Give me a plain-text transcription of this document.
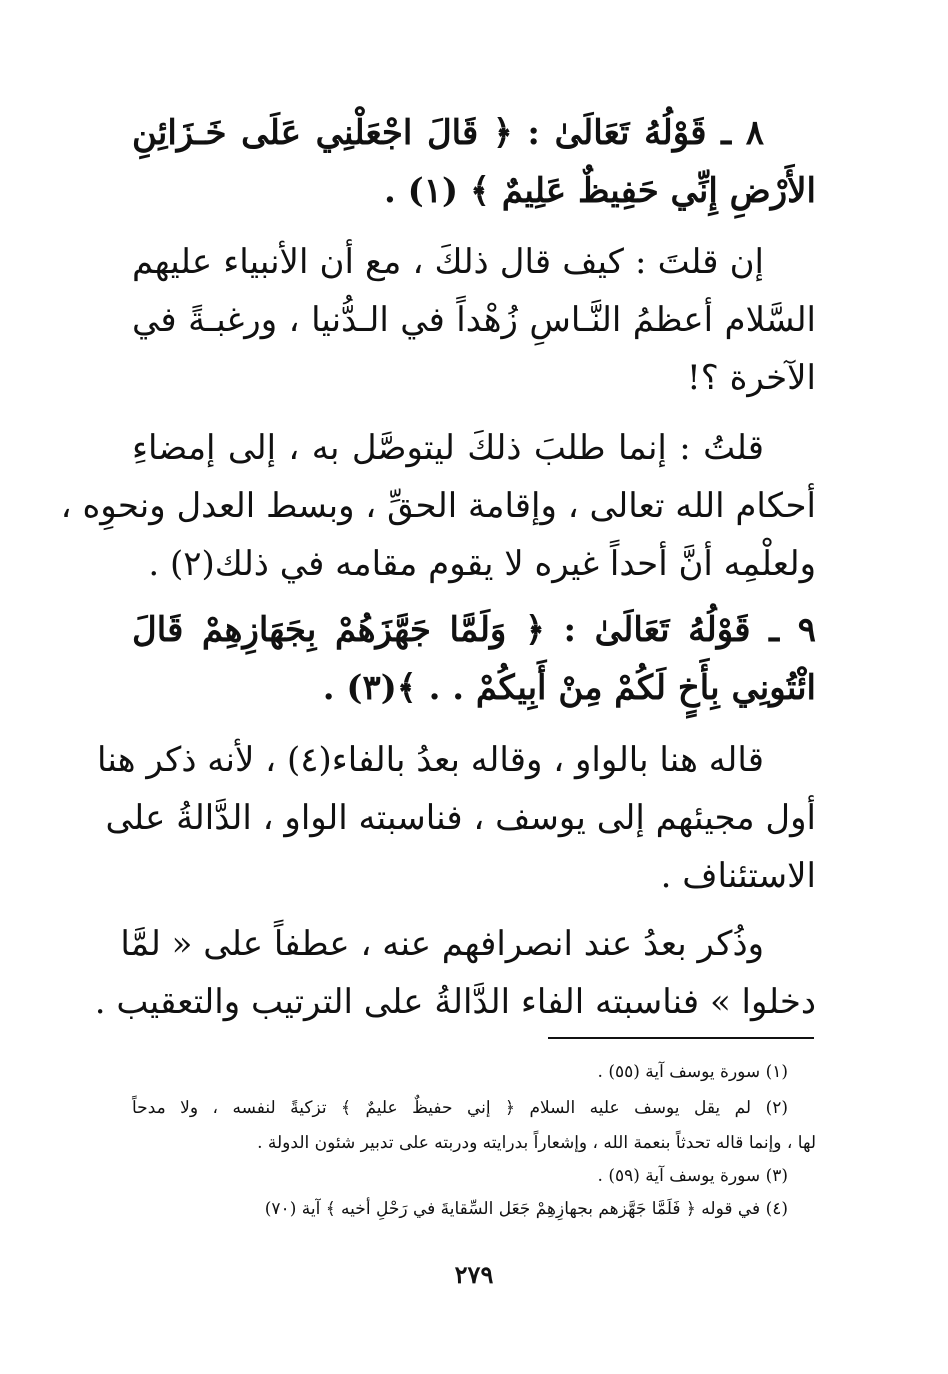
٨ ـ قَوْلُهُ تَعَالَىٰ : ﴿ قَالَ اجْعَلْنِي عَلَى خَـزَائِنِ
الأَرْضِ إِنِّي حَفِيظٌ عَلِيمٌ ﴾ (١) .
إن قلتَ : كيف قال ذلكَ ، مع أن الأنبياء عليهم
السَّلام أعظمُ النَّـاسِ زُهْداً في الـدُّنيا ، ورغبـةً في
الآخرة ؟!
قلتُ : إنما طلبَ ذلكَ ليتوصَّل به ، إلى إمضاءِ
أحكام الله تعالى ، وإقامة الحقِّ ، وبسط العدل ونحوِه ،
ولعلْمِه أنَّ أحداً غيره لا يقوم مقامه في ذلك(٢) .
٩ ـ قَوْلُهُ تَعَالَىٰ : ﴿ وَلَمَّا جَهَّزَهُمْ بِجَهَازِهِمْ قَالَ
ائْتُونِي بِأَخٍ لَكُمْ مِنْ أَبِيكُمْ . . ﴾(٣) .
قاله هنا بالواو ، وقاله بعدُ بالفاء(٤) ، لأنه ذكر هنا
أول مجيئهم إلى يوسف ، فناسبته الواو ، الدَّالةُ على
الاستئناف .
وذُكر بعدُ عند انصرافهم عنه ، عطفاً على « لمَّا
دخلوا » فناسبته الفاء الدَّالةُ على الترتيب والتعقيب .
(١) سورة يوسف آية (٥٥) .
(٢) لم يقل يوسف عليه السلام ﴿ إني حفيظٌ عليمٌ ﴾ تزكيةً لنفسه ، ولا مدحاً
لها ، وإنما قاله تحدثاً بنعمة الله ، وإشعاراً بدرايته ودربته على تدبير شئون الدولة .
(٣) سورة يوسف آية (٥٩) .
(٤) في قوله ﴿ فَلَمَّا جَهَّزهم بجهازِهِمْ جَعَل السِّقايةَ في رَحْلِ أخيه ﴾ آية (٧٠)
٢٧٩
